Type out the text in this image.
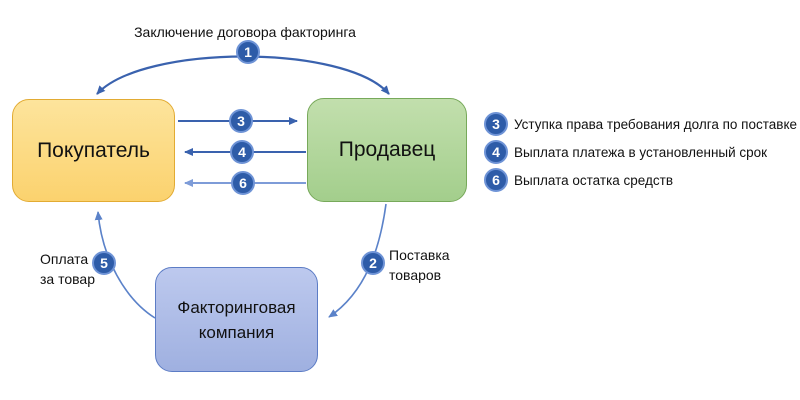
Покупатель	Продавец
Факторинговая
компания
Заключение договора факторинга
Поставка
товаров
Оплата
за товар
1
2
3
4
5
6
3	Уступка права требования долга по поставке
4	Выплата платежа в установленный срок
6	Выплата остатка средств
